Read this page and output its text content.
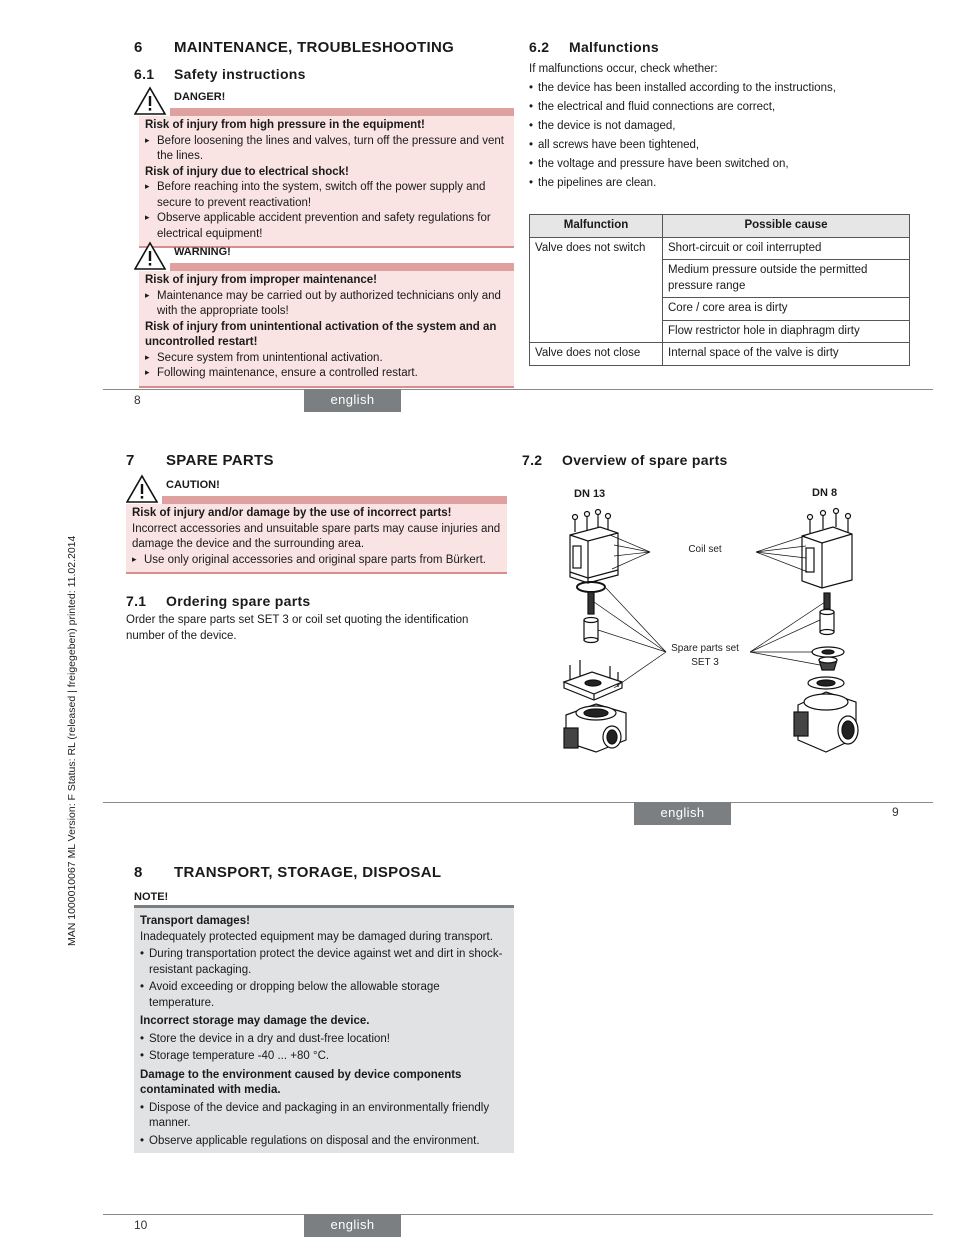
6 MAINTENANCE, TROUBLESHOOTING
6.1 Safety instructions
DANGER!

Risk of injury from high pressure in the equipment!

▸ Before loosening the lines and valves, turn off the pressure and vent the lines.

Risk of injury due to electrical shock!

▸ Before reaching into the system, switch off the power supply and secure to prevent reactivation!

▸ Observe applicable accident prevention and safety regulations for electrical equipment!

WARNING!

Risk of injury from improper maintenance!

▸ Maintenance may be carried out by authorized technicians only and with the appropriate tools!

Risk of injury from unintentional activation of the system and an uncontrolled restart!

▸ Secure system from unintentional activation.

▸ Following maintenance, ensure a controlled restart.

6.2 Malfunctions
If malfunctions occur, check whether:
• the device has been installed according to the instructions,
• the electrical and fluid connections are correct,
• the device is not damaged,
• all screws have been tightened,
• the voltage and pressure have been switched on,
• the pipelines are clean.
Malfunction	Possible cause
Valve does not switch	Short-circuit or coil interrupted
	Medium pressure outside the permitted pressure range
	Core / core area is dirty
	Flow restrictor hole in diaphragm dirty
Valve does not close	Internal space of the valve is dirty
8	english
7 SPARE PARTS
CAUTION!

Risk of injury and/or damage by the use of incorrect parts!

Incorrect accessories and unsuitable spare parts may cause injuries and damage the device and the surrounding area.

▸ Use only original accessories and original spare parts from Bürkert.

7.1 Ordering spare parts
Order the spare parts set SET 3 or coil set quoting the identification number of the device.
7.2 Overview of spare parts
DN 13	DN 8
Coil set
Spare parts set
SET 3
english	9
8 TRANSPORT, STORAGE, DISPOSAL
NOTE!

Transport damages!

Inadequately protected equipment may be damaged during transport.

• During transportation protect the device against wet and dirt in shock-resistant packaging.

• Avoid exceeding or dropping below the allowable storage temperature.

Incorrect storage may damage the device.

• Store the device in a dry and dust-free location!

• Storage temperature -40 ... +80 °C.

Damage to the environment caused by device components contaminated with media.

• Dispose of the device and packaging in an environmentally friendly manner.

• Observe applicable regulations on disposal and the environment.

10	english
MAN 1000010067 ML Version: F Status: RL (released | freigegeben) printed: 11.02.2014
